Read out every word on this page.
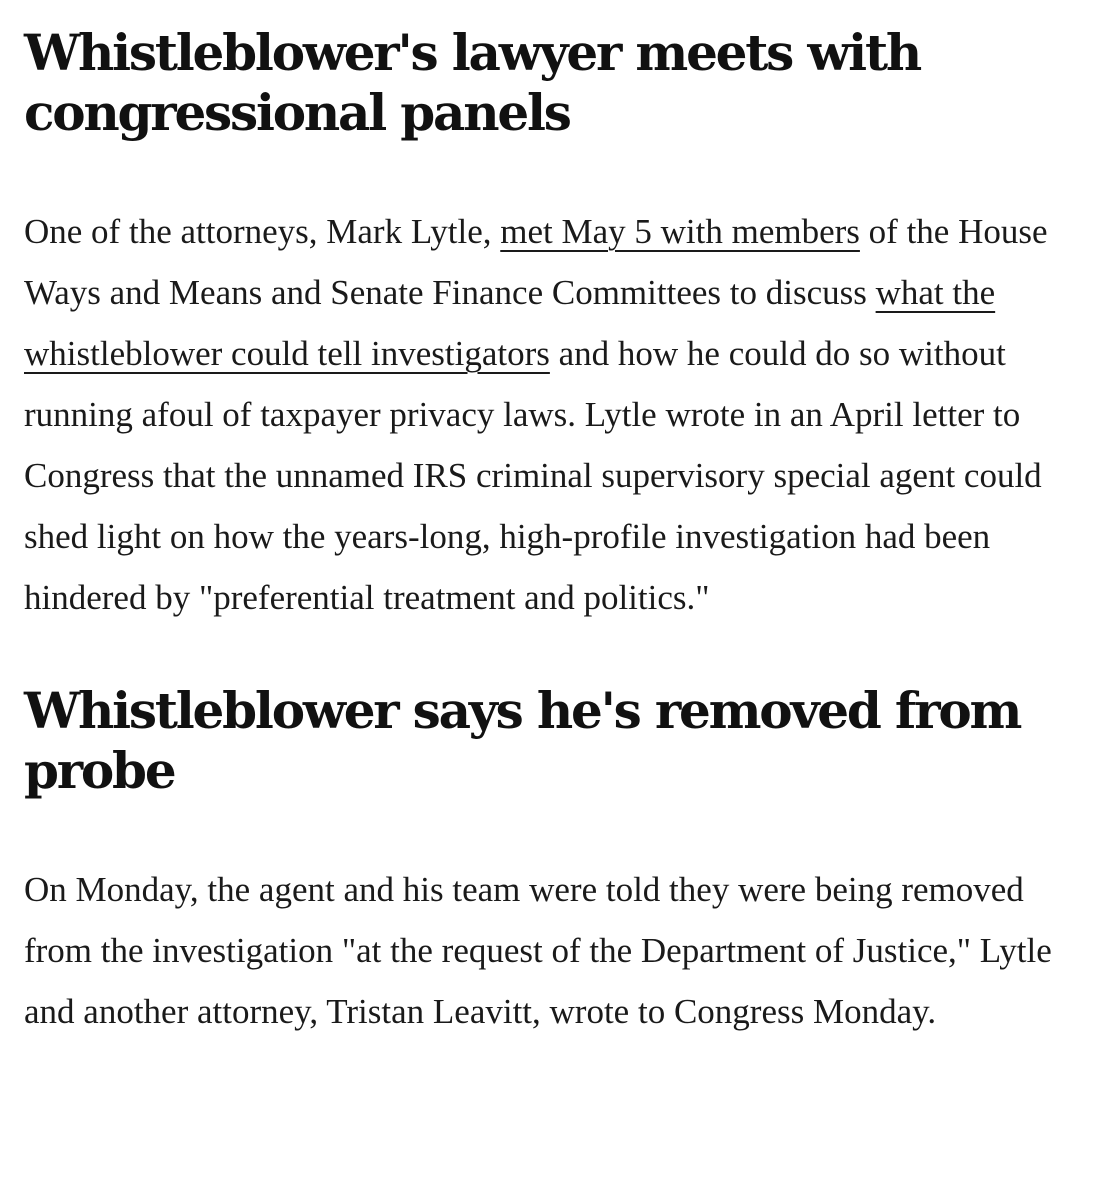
Whistleblower's lawyer meets with congressional panels

One of the attorneys, Mark Lytle, met May 5 with members of the House Ways and Means and Senate Finance Committees to discuss what the whistleblower could tell investigators and how he could do so without running afoul of taxpayer privacy laws. Lytle wrote in an April letter to Congress that the unnamed IRS criminal supervisory special agent could shed light on how the years-long, high-profile investigation had been hindered by "preferential treatment and politics."

Whistleblower says he's removed from probe

On Monday, the agent and his team were told they were being removed from the investigation "at the request of the Department of Justice," Lytle and another attorney, Tristan Leavitt, wrote to Congress Monday.
